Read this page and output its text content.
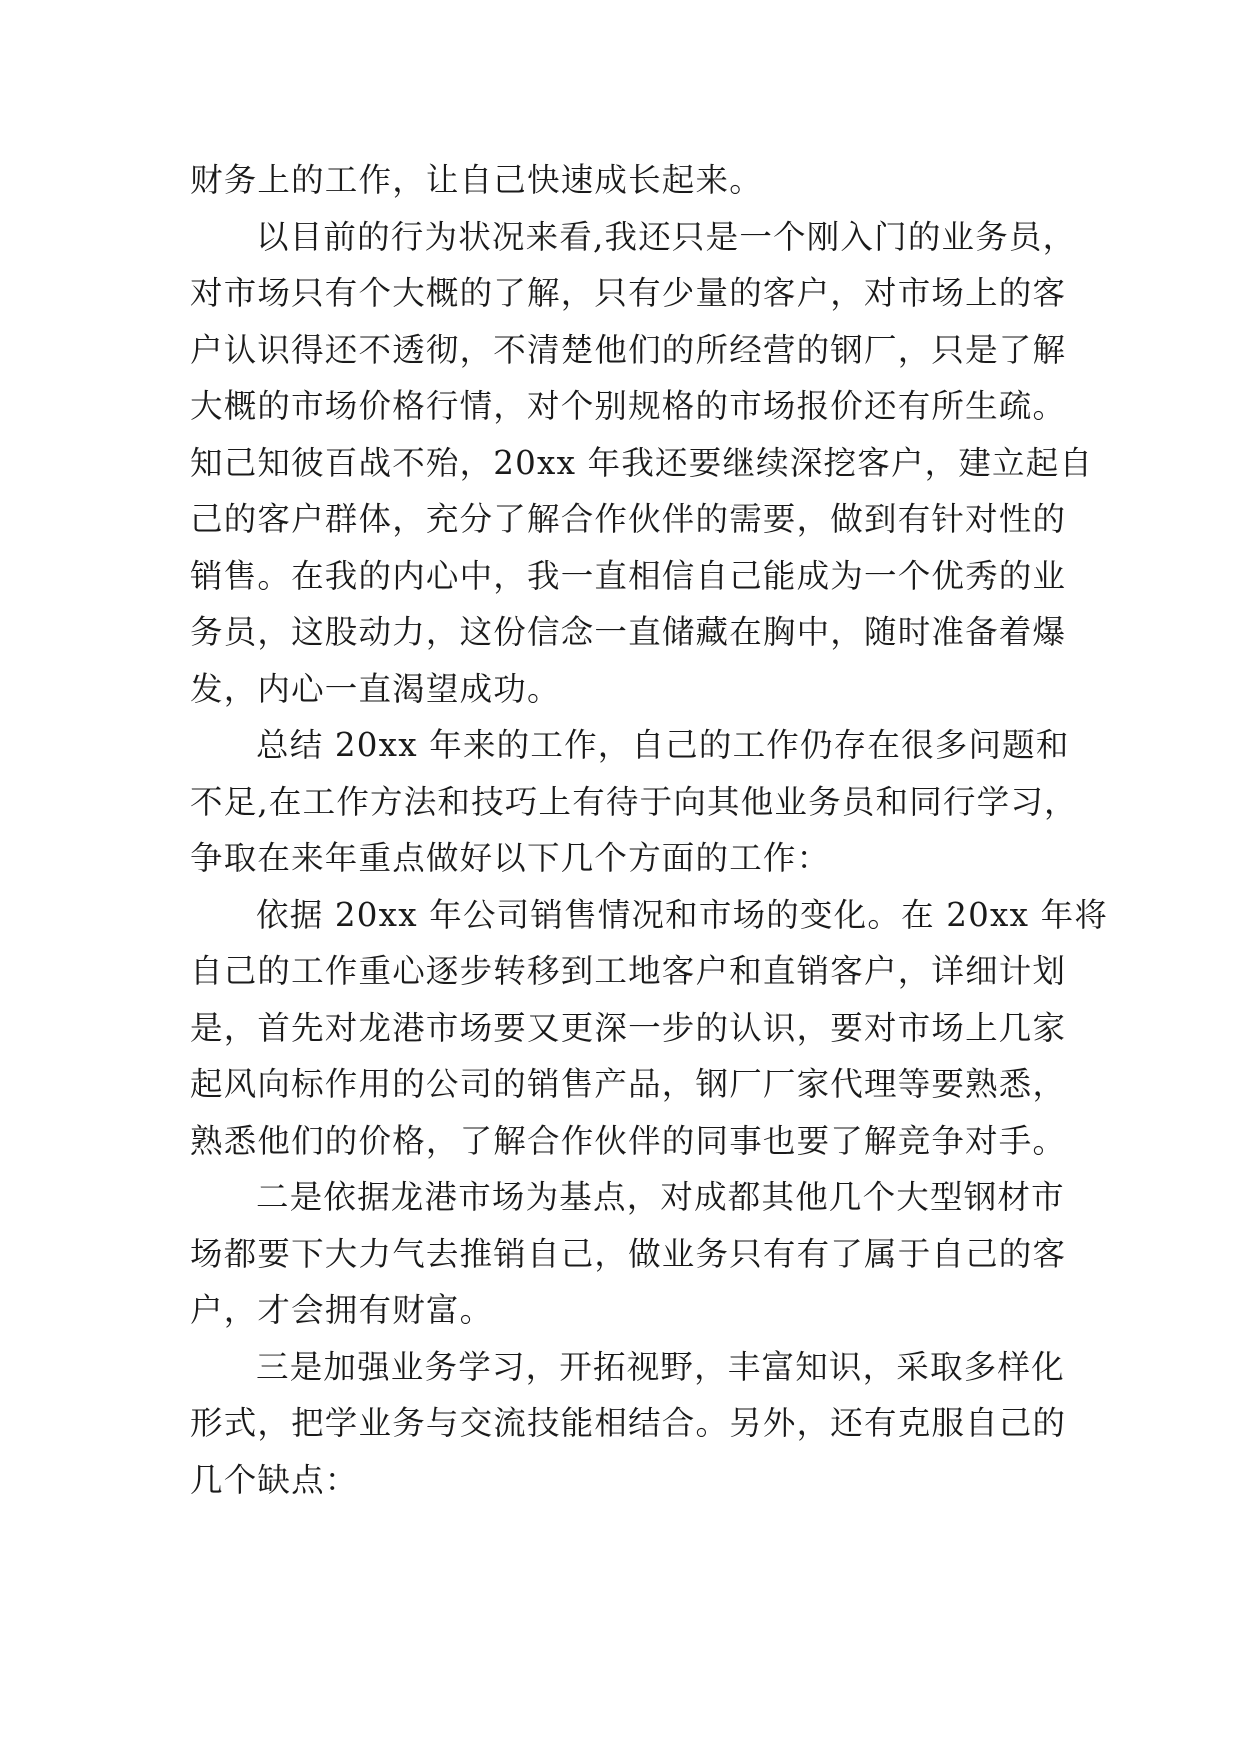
财务上的工作，让自己快速成长起来。
以目前的行为状况来看,我还只是一个刚入门的业务员，
对市场只有个大概的了解，只有少量的客户，对市场上的客
户认识得还不透彻，不清楚他们的所经营的钢厂，只是了解
大概的市场价格行情，对个别规格的市场报价还有所生疏。
知己知彼百战不殆，20xx 年我还要继续深挖客户，建立起自
己的客户群体，充分了解合作伙伴的需要，做到有针对性的
销售。在我的内心中，我一直相信自己能成为一个优秀的业
务员，这股动力，这份信念一直储藏在胸中，随时准备着爆
发，内心一直渴望成功。
总结 20xx 年来的工作，自己的工作仍存在很多问题和
不足,在工作方法和技巧上有待于向其他业务员和同行学习，
争取在来年重点做好以下几个方面的工作：
依据 20xx 年公司销售情况和市场的变化。在 20xx 年将
自己的工作重心逐步转移到工地客户和直销客户，详细计划
是，首先对龙港市场要又更深一步的认识，要对市场上几家
起风向标作用的公司的销售产品，钢厂厂家代理等要熟悉，
熟悉他们的价格，了解合作伙伴的同事也要了解竞争对手。
二是依据龙港市场为基点，对成都其他几个大型钢材市
场都要下大力气去推销自己，做业务只有有了属于自己的客
户，才会拥有财富。
三是加强业务学习，开拓视野，丰富知识，采取多样化
形式，把学业务与交流技能相结合。另外，还有克服自己的
几个缺点：
